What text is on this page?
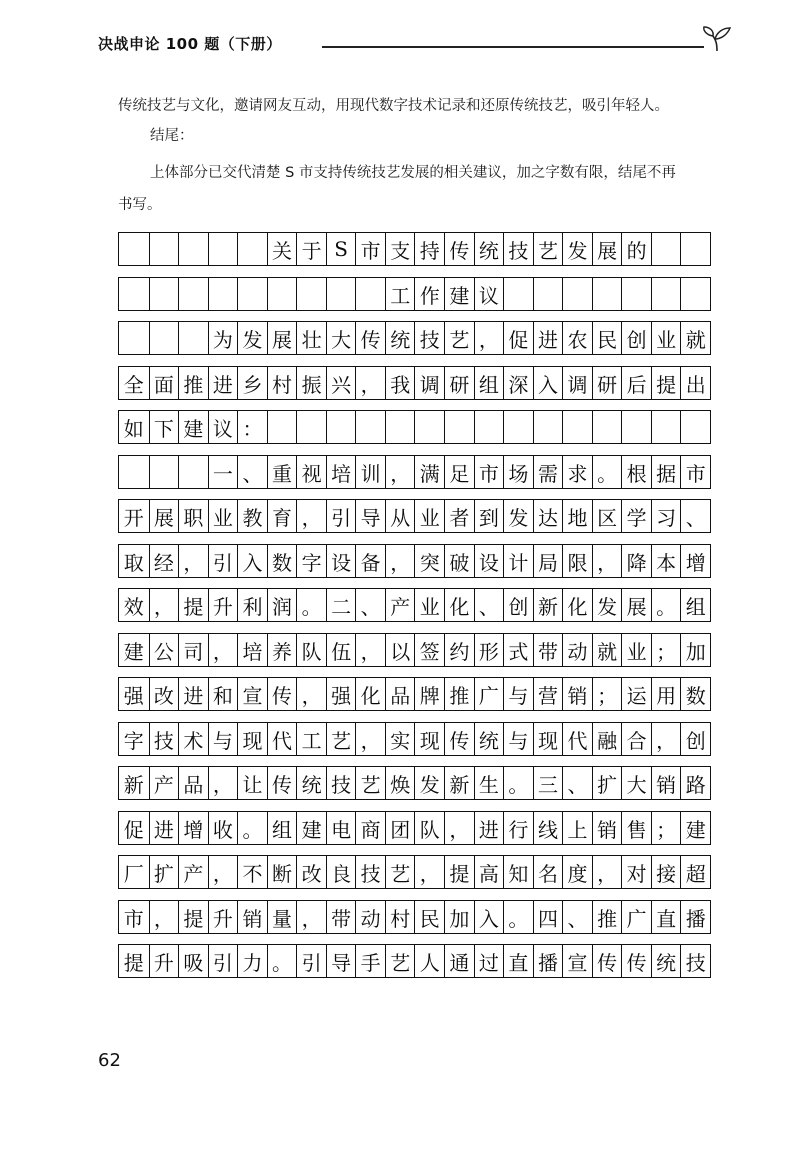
决战申论 100 题（下册）
传统技艺与文化，邀请网友互动，用现代数字技术记录和还原传统技艺，吸引年轻人。
结尾：
上体部分已交代清楚 S 市支持传统技艺发展的相关建议，加之字数有限，结尾不再
书写。
关 于 S 市 支 持 传 统 技 艺 发 展 的
工 作 建 议
为 发 展 壮 大 传 统 技 艺 ， 促 进 农 民 创 业 就
全 面 推 进 乡 村 振 兴 ， 我 调 研 组 深 入 调 研 后 提 出
如 下 建 议 ：
一 、 重 视 培 训 ， 满 足 市 场 需 求 。 根 据 市
开 展 职 业 教 育 ， 引 导 从 业 者 到 发 达 地 区 学 习 、
取 经 ， 引 入 数 字 设 备 ， 突 破 设 计 局 限 ， 降 本 增
效 ， 提 升 利 润 。 二 、 产 业 化 、 创 新 化 发 展 。 组
建 公 司 ， 培 养 队 伍 ， 以 签 约 形 式 带 动 就 业 ； 加
强 改 进 和 宣 传 ， 强 化 品 牌 推 广 与 营 销 ； 运 用 数
字 技 术 与 现 代 工 艺 ， 实 现 传 统 与 现 代 融 合 ， 创
新 产 品 ， 让 传 统 技 艺 焕 发 新 生 。 三 、 扩 大 销 路
促 进 增 收 。 组 建 电 商 团 队 ， 进 行 线 上 销 售 ； 建
厂 扩 产 ， 不 断 改 良 技 艺 ， 提 高 知 名 度 ， 对 接 超
市 ， 提 升 销 量 ， 带 动 村 民 加 入 。 四 、 推 广 直 播
提 升 吸 引 力 。 引 导 手 艺 人 通 过 直 播 宣 传 传 统 技
62
